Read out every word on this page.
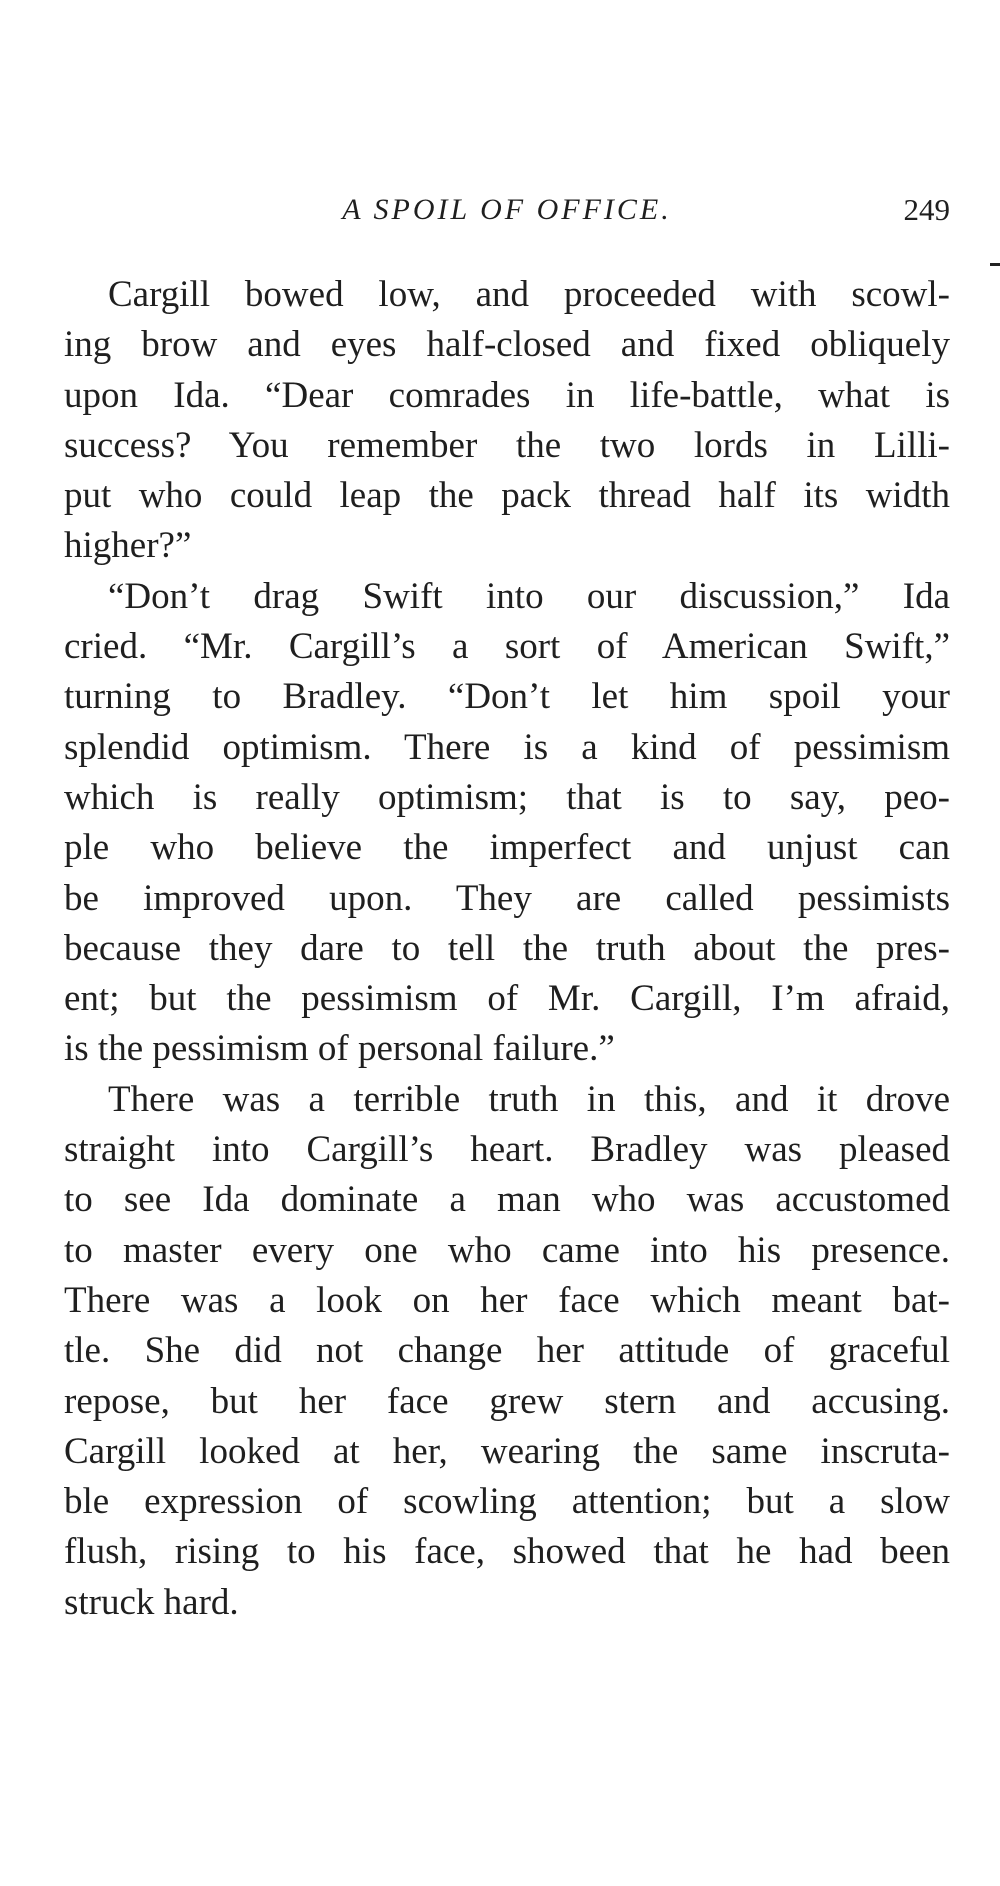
A SPOIL OF OFFICE.	249
Cargill bowed low, and proceeded with scowl-
ing brow and eyes half-closed and fixed obliquely
upon Ida. “Dear comrades in life-battle, what is
success? You remember the two lords in Lilli-
put who could leap the pack thread half its width
higher?”
“Don’t drag Swift into our discussion,” Ida
cried. “Mr. Cargill’s a sort of American Swift,”
turning to Bradley. “Don’t let him spoil your
splendid optimism. There is a kind of pessimism
which is really optimism; that is to say, peo-
ple who believe the imperfect and unjust can
be improved upon. They are called pessimists
because they dare to tell the truth about the pres-
ent; but the pessimism of Mr. Cargill, I’m afraid,
is the pessimism of personal failure.”
There was a terrible truth in this, and it drove
straight into Cargill’s heart. Bradley was pleased
to see Ida dominate a man who was accustomed
to master every one who came into his presence.
There was a look on her face which meant bat-
tle. She did not change her attitude of graceful
repose, but her face grew stern and accusing.
Cargill looked at her, wearing the same inscruta-
ble expression of scowling attention; but a slow
flush, rising to his face, showed that he had been
struck hard.
